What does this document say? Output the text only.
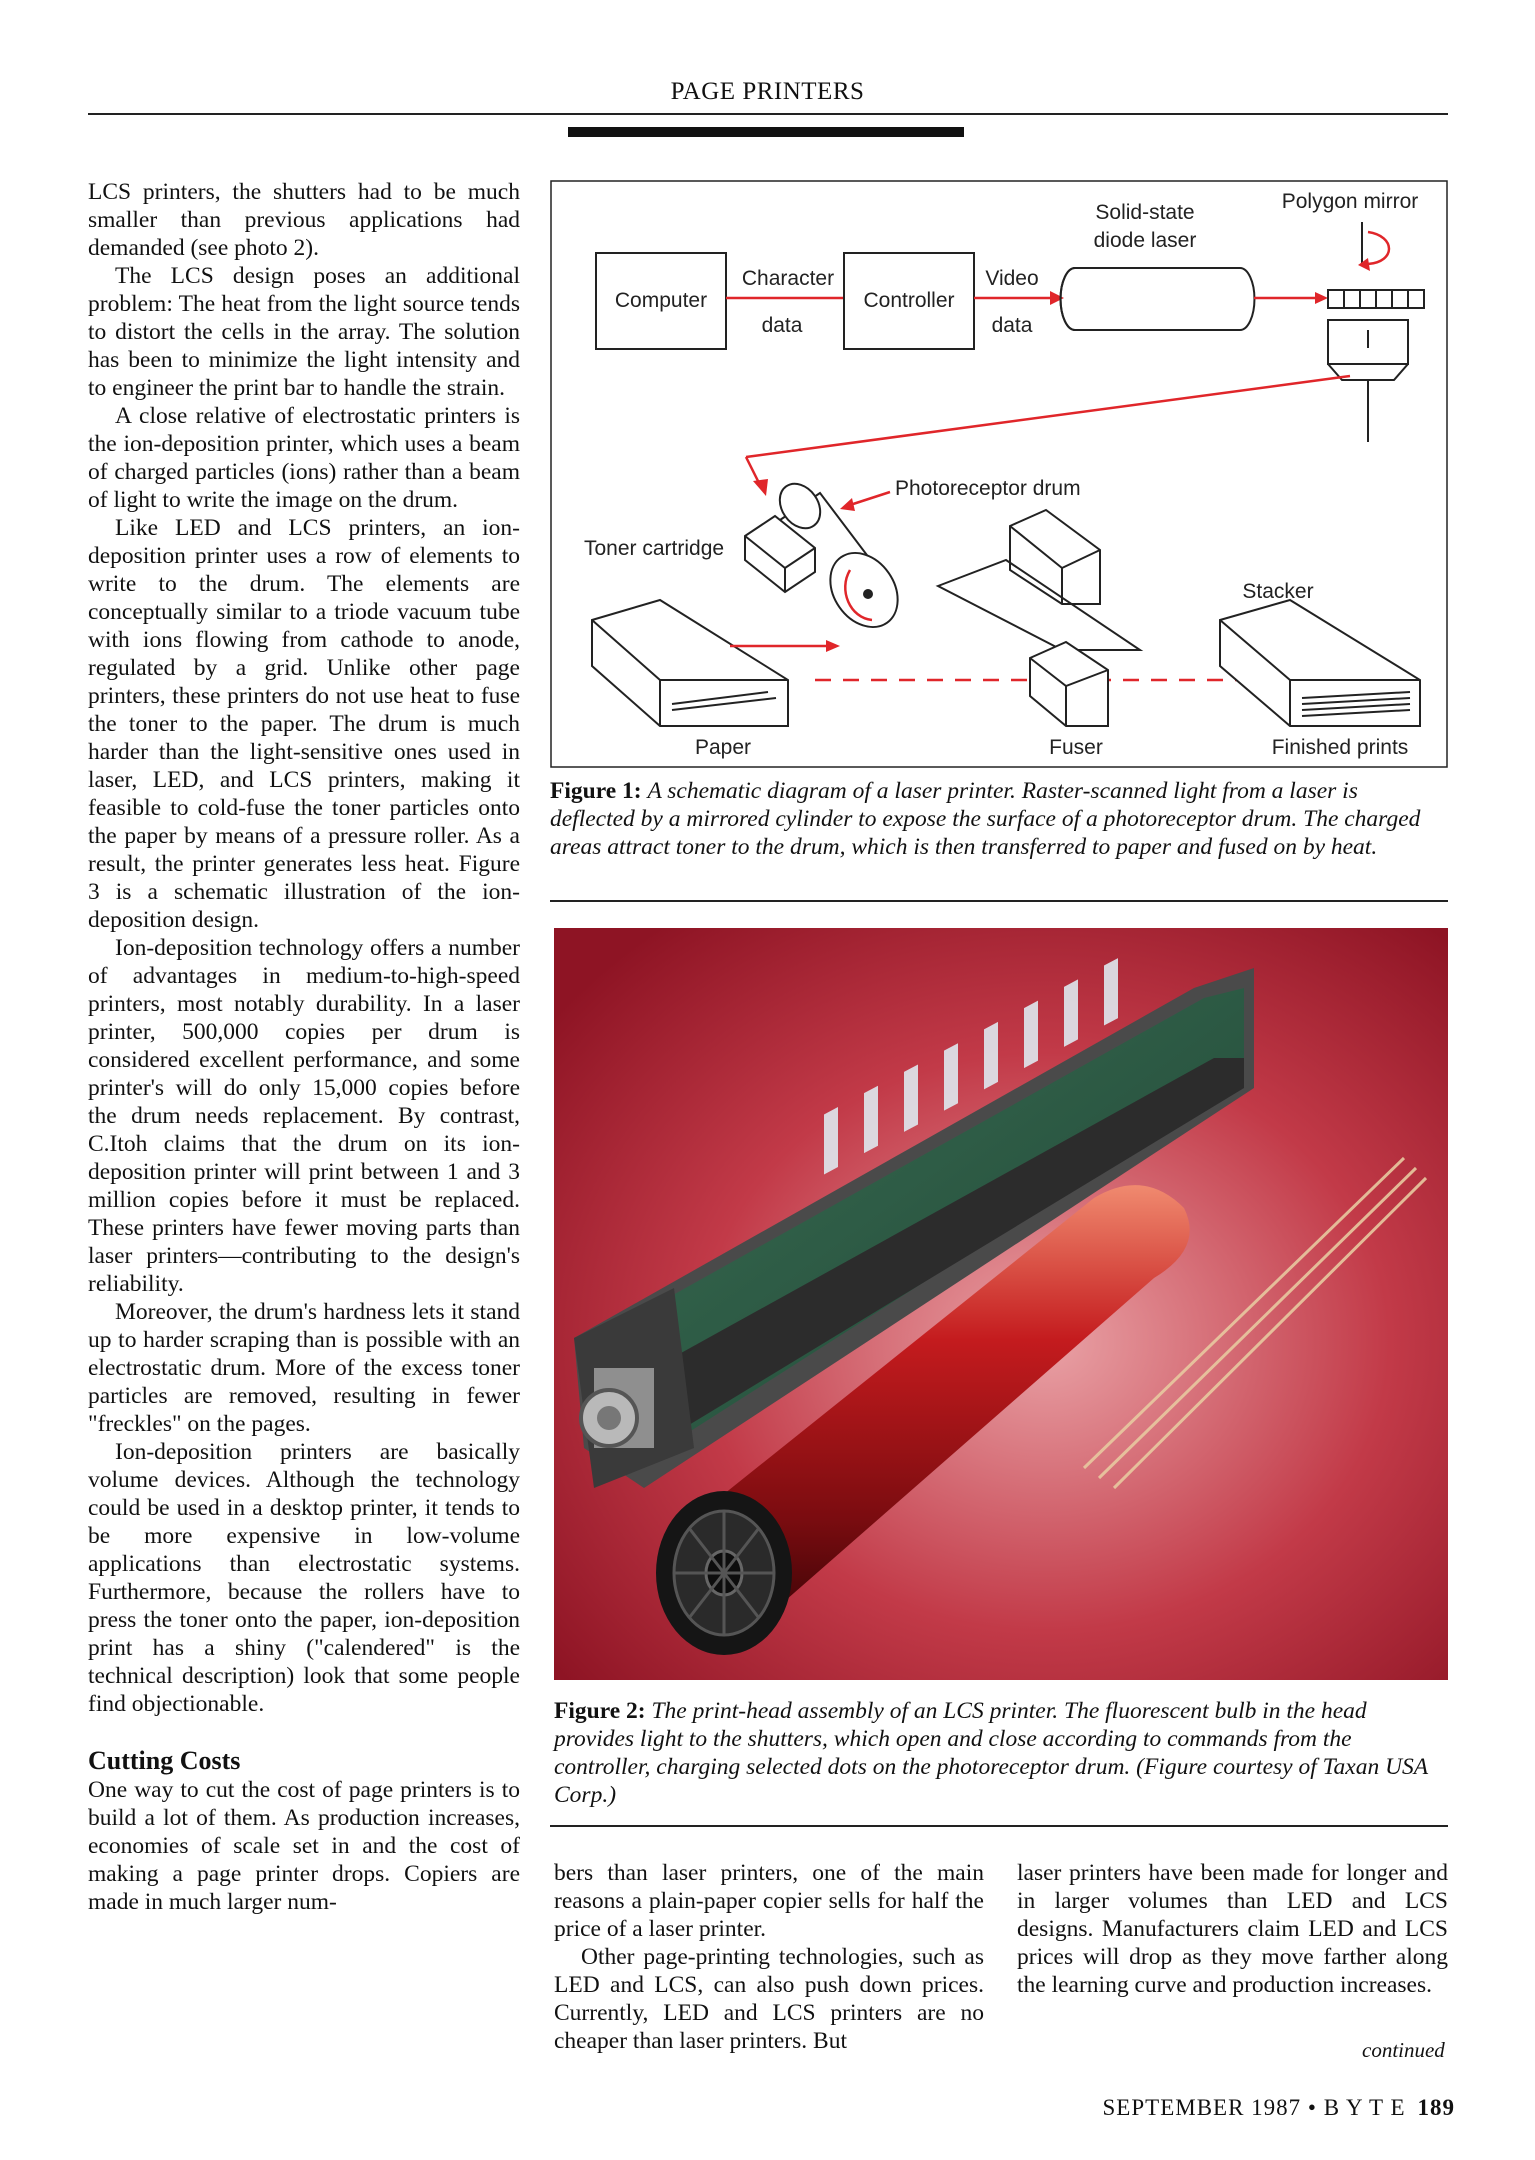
PAGE PRINTERS

LCS printers, the shutters had to be much smaller than previous applications had demanded (see photo 2).

The LCS design poses an additional problem: The heat from the light source tends to distort the cells in the array. The solution has been to minimize the light intensity and to engineer the print bar to handle the strain.

A close relative of electrostatic printers is the ion-deposition printer, which uses a beam of charged particles (ions) rather than a beam of light to write the image on the drum.

Like LED and LCS printers, an ion-deposition printer uses a row of elements to write to the drum. The elements are conceptually similar to a triode vacuum tube with ions flowing from cathode to anode, regulated by a grid. Unlike other page printers, these printers do not use heat to fuse the toner to the paper. The drum is much harder than the light-sensitive ones used in laser, LED, and LCS printers, making it feasible to cold-fuse the toner particles onto the paper by means of a pressure roller. As a result, the printer generates less heat. Figure 3 is a schematic illustration of the ion-deposition design.

Ion-deposition technology offers a number of advantages in medium-to-high-speed printers, most notably durability. In a laser printer, 500,000 copies per drum is considered excellent performance, and some printer's will do only 15,000 copies before the drum needs replacement. By contrast, C.Itoh claims that the drum on its ion-deposition printer will print between 1 and 3 million copies before it must be replaced. These printers have fewer moving parts than laser printers—contributing to the design's reliability.

Moreover, the drum's hardness lets it stand up to harder scraping than is possible with an electrostatic drum. More of the excess toner particles are removed, resulting in fewer "freckles" on the pages.

Ion-deposition printers are basically volume devices. Although the technology could be used in a desktop printer, it tends to be more expensive in low-volume applications than electrostatic systems. Furthermore, because the rollers have to press the toner onto the paper, ion-deposition print has a shiny ("calendered" is the technical description) look that some people find objectionable.

Cutting Costs

One way to cut the cost of page printers is to build a lot of them. As production increases, economies of scale set in and the cost of making a page printer drops. Copiers are made in much larger num-

Computer
Character
data
Controller
Video
data
Solid-state
diode laser
Polygon mirror
Photoreceptor drum
Toner cartridge
Paper	Fuser
Stacker
Finished prints
Figure 1: A schematic diagram of a laser printer. Raster-scanned light from a laser is deflected by a mirrored cylinder to expose the surface of a photoreceptor drum. The charged areas attract toner to the drum, which is then transferred to paper and fused on by heat.
Figure 2: The print-head assembly of an LCS printer. The fluorescent bulb in the head provides light to the shutters, which open and close according to commands from the controller, charging selected dots on the photoreceptor drum. (Figure courtesy of Taxan USA Corp.)

bers than laser printers, one of the main reasons a plain-paper copier sells for half the price of a laser printer.

Other page-printing technologies, such as LED and LCS, can also push down prices. Currently, LED and LCS printers are no cheaper than laser printers. But

laser printers have been made for longer and in larger volumes than LED and LCS designs. Manufacturers claim LED and LCS prices will drop as they move farther along the learning curve and production increases.

continued
SEPTEMBER 1987 • B Y T E 189
